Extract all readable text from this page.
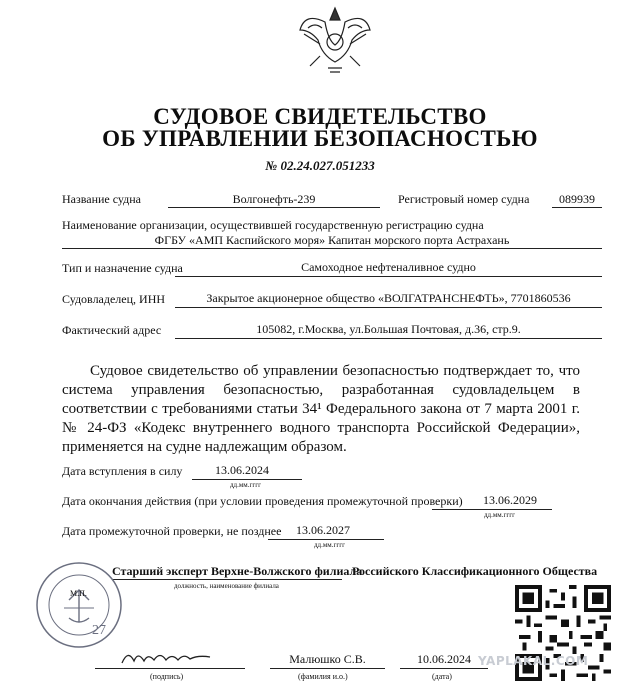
СУДОВОЕ СВИДЕТЕЛЬСТВО
ОБ УПРАВЛЕНИИ БЕЗОПАСНОСТЬЮ
№ 02.24.027.051233
Название судна	Волгонефть-239	Регистровый номер судна	089939
Наименование организации, осуществившей государственную регистрацию судна
ФГБУ «АМП Каспийского моря» Капитан морского порта Астрахань
Тип и назначение судна	Самоходное нефтеналивное судно
Судовладелец, ИНН	Закрытое акционерное общество «ВОЛГАТРАНСНЕФТЬ», 7701860536
Фактический адрес	105082, г.Москва, ул.Большая Почтовая, д.36, стр.9.

Судовое свидетельство об управлении безопасностью подтверждает то, что система управления безопасностью, разработанная судовладельцем в соответствии с требованиями статьи 34¹ Федерального закона от 7 марта 2001 г. № 24-ФЗ «Кодекс внутреннего водного транспорта Российской Федерации», применяется на судне надлежащим образом.

Дата вступления в силу	13.06.2024
дд.мм.гггг
Дата окончания действия (при условии проведения промежуточной проверки)	13.06.2029
дд.мм.гггг
Дата промежуточной проверки, не позднее	13.06.2027
дд.мм.гггг
Старший эксперт Верхне-Волжского филиала
Российского Классификационного Общества
должность, наименование филиала
27
М.П.
(подпись)
Малюшко С.В.
(фамилия и.о.)
10.06.2024
(дата)
YAPLAKAL.COM
